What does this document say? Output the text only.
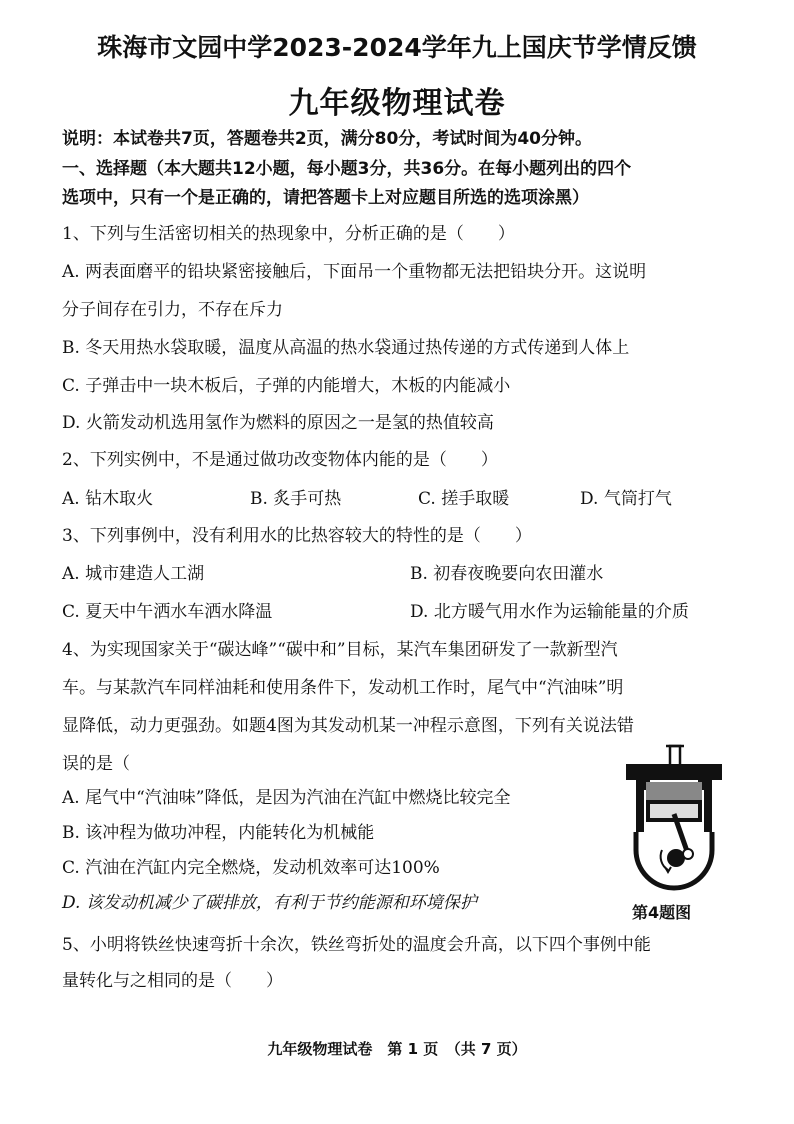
珠海市文园中学2023-2024学年九上国庆节学情反馈
九年级物理试卷
说明：本试卷共7页，答题卷共2页，满分80分，考试时间为40分钟。
一、选择题（本大题共12小题，每小题3分，共36分。在每小题列出的四个
选项中，只有一个是正确的，请把答题卡上对应题目所选的选项涂黑）
1、下列与生活密切相关的热现象中，分析正确的是（　　）
A. 两表面磨平的铅块紧密接触后，下面吊一个重物都无法把铅块分开。这说明
分子间存在引力，不存在斥力
B. 冬天用热水袋取暖，温度从高温的热水袋通过热传递的方式传递到人体上
C. 子弹击中一块木板后，子弹的内能增大，木板的内能减小
D. 火箭发动机选用氢作为燃料的原因之一是氢的热值较高
2、下列实例中，不是通过做功改变物体内能的是（　　）
A. 钻木取火	B. 炙手可热	C. 搓手取暖	D. 气筒打气
3、下列事例中，没有利用水的比热容较大的特性的是（　　）
A. 城市建造人工湖	B. 初春夜晚要向农田灌水
C. 夏天中午洒水车洒水降温	D. 北方暖气用水作为运输能量的介质
4、为实现国家关于“碳达峰”“碳中和”目标，某汽车集团研发了一款新型汽
车。与某款汽车同样油耗和使用条件下，发动机工作时，尾气中“汽油味”明
显降低，动力更强劲。如题4图为其发动机某一冲程示意图，下列有关说法错
误的是（
A. 尾气中“汽油味”降低，是因为汽油在汽缸中燃烧比较完全
B. 该冲程为做功冲程，内能转化为机械能
C. 汽油在汽缸内完全燃烧，发动机效率可达100%
D. 该发动机减少了碳排放，有利于节约能源和环境保护	第4题图
5、小明将铁丝快速弯折十余次，铁丝弯折处的温度会升高，以下四个事例中能
量转化与之相同的是（　　）
九年级物理试卷　第 1 页　（共 7 页）
